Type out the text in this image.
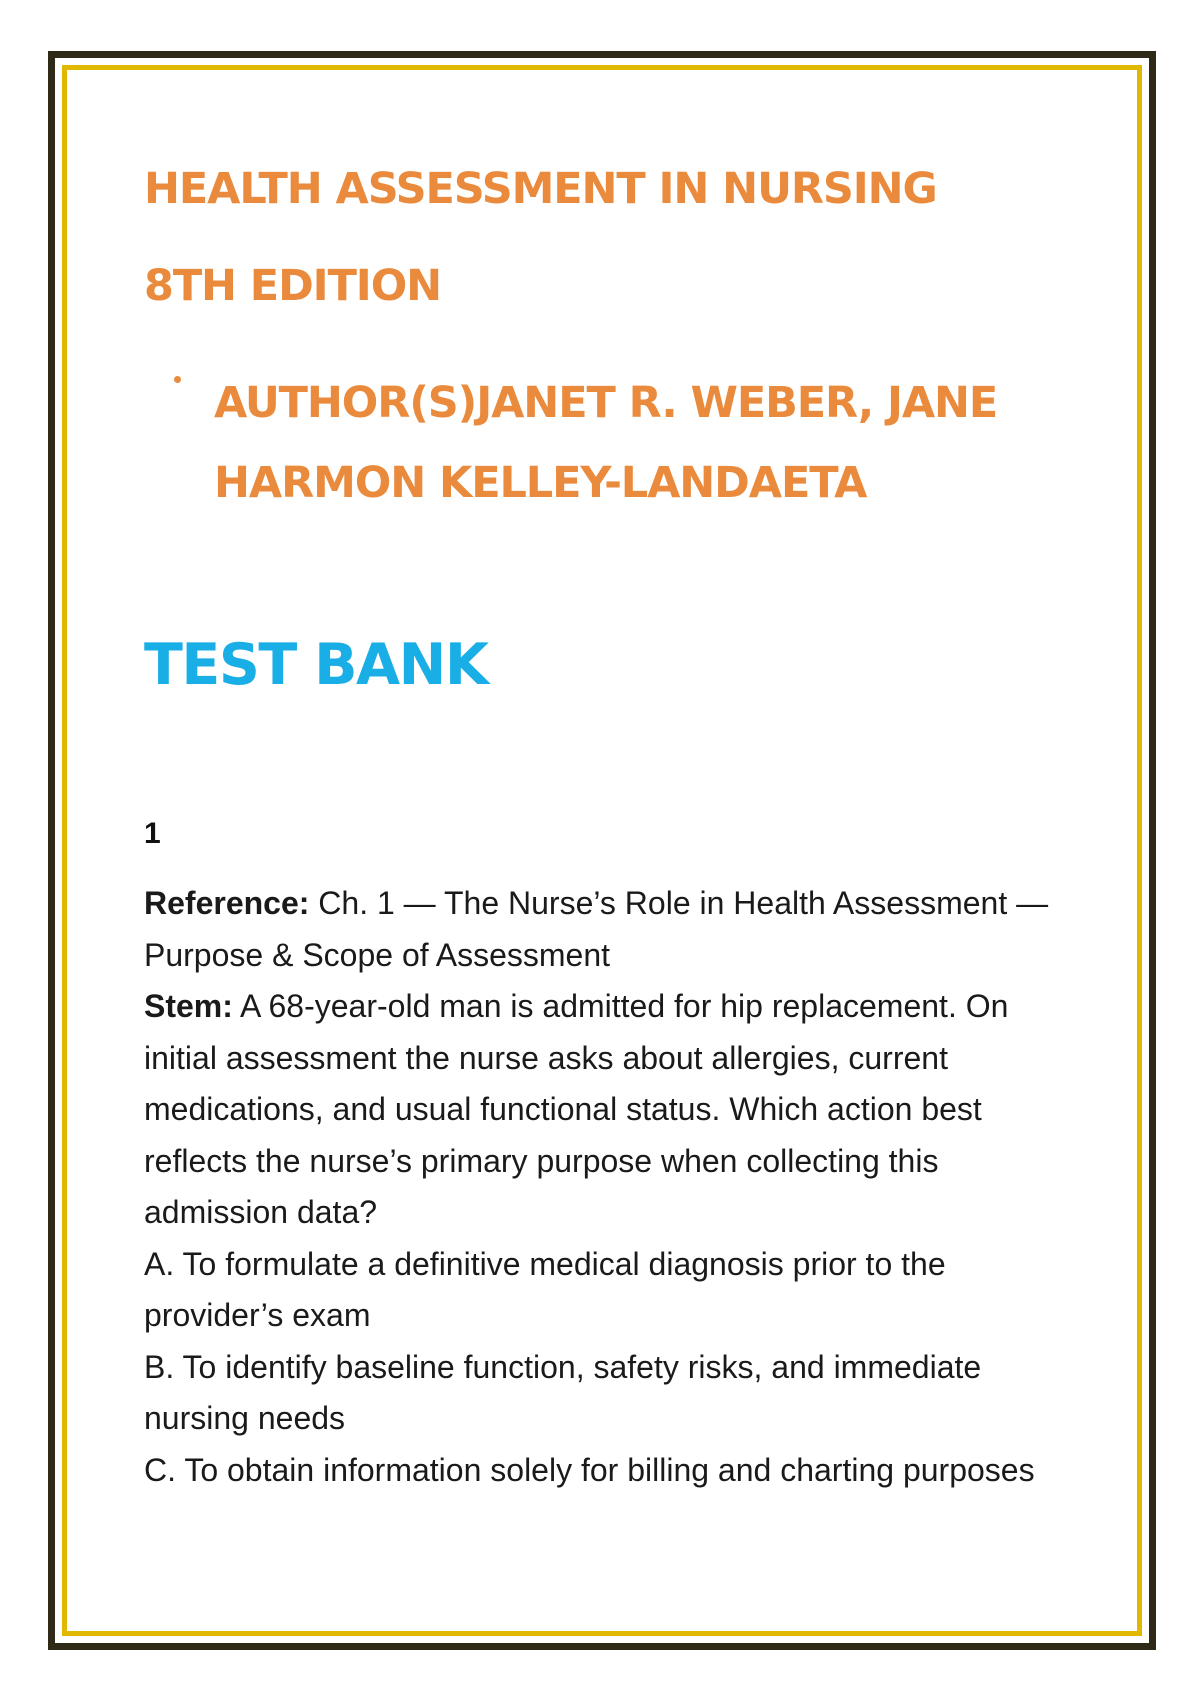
HEALTH ASSESSMENT IN NURSING
8TH EDITION

AUTHOR(S)JANET R. WEBER, JANE HARMON KELLEY-LANDAETA

TEST BANK
1

Reference: Ch. 1 — The Nurse’s Role in Health Assessment — Purpose & Scope of Assessment

Stem: A 68-year-old man is admitted for hip replacement. On initial assessment the nurse asks about allergies, current medications, and usual functional status. Which action best reflects the nurse’s primary purpose when collecting this admission data?

A. To formulate a definitive medical diagnosis prior to the provider’s exam

B. To identify baseline function, safety risks, and immediate nursing needs

C. To obtain information solely for billing and charting purposes
